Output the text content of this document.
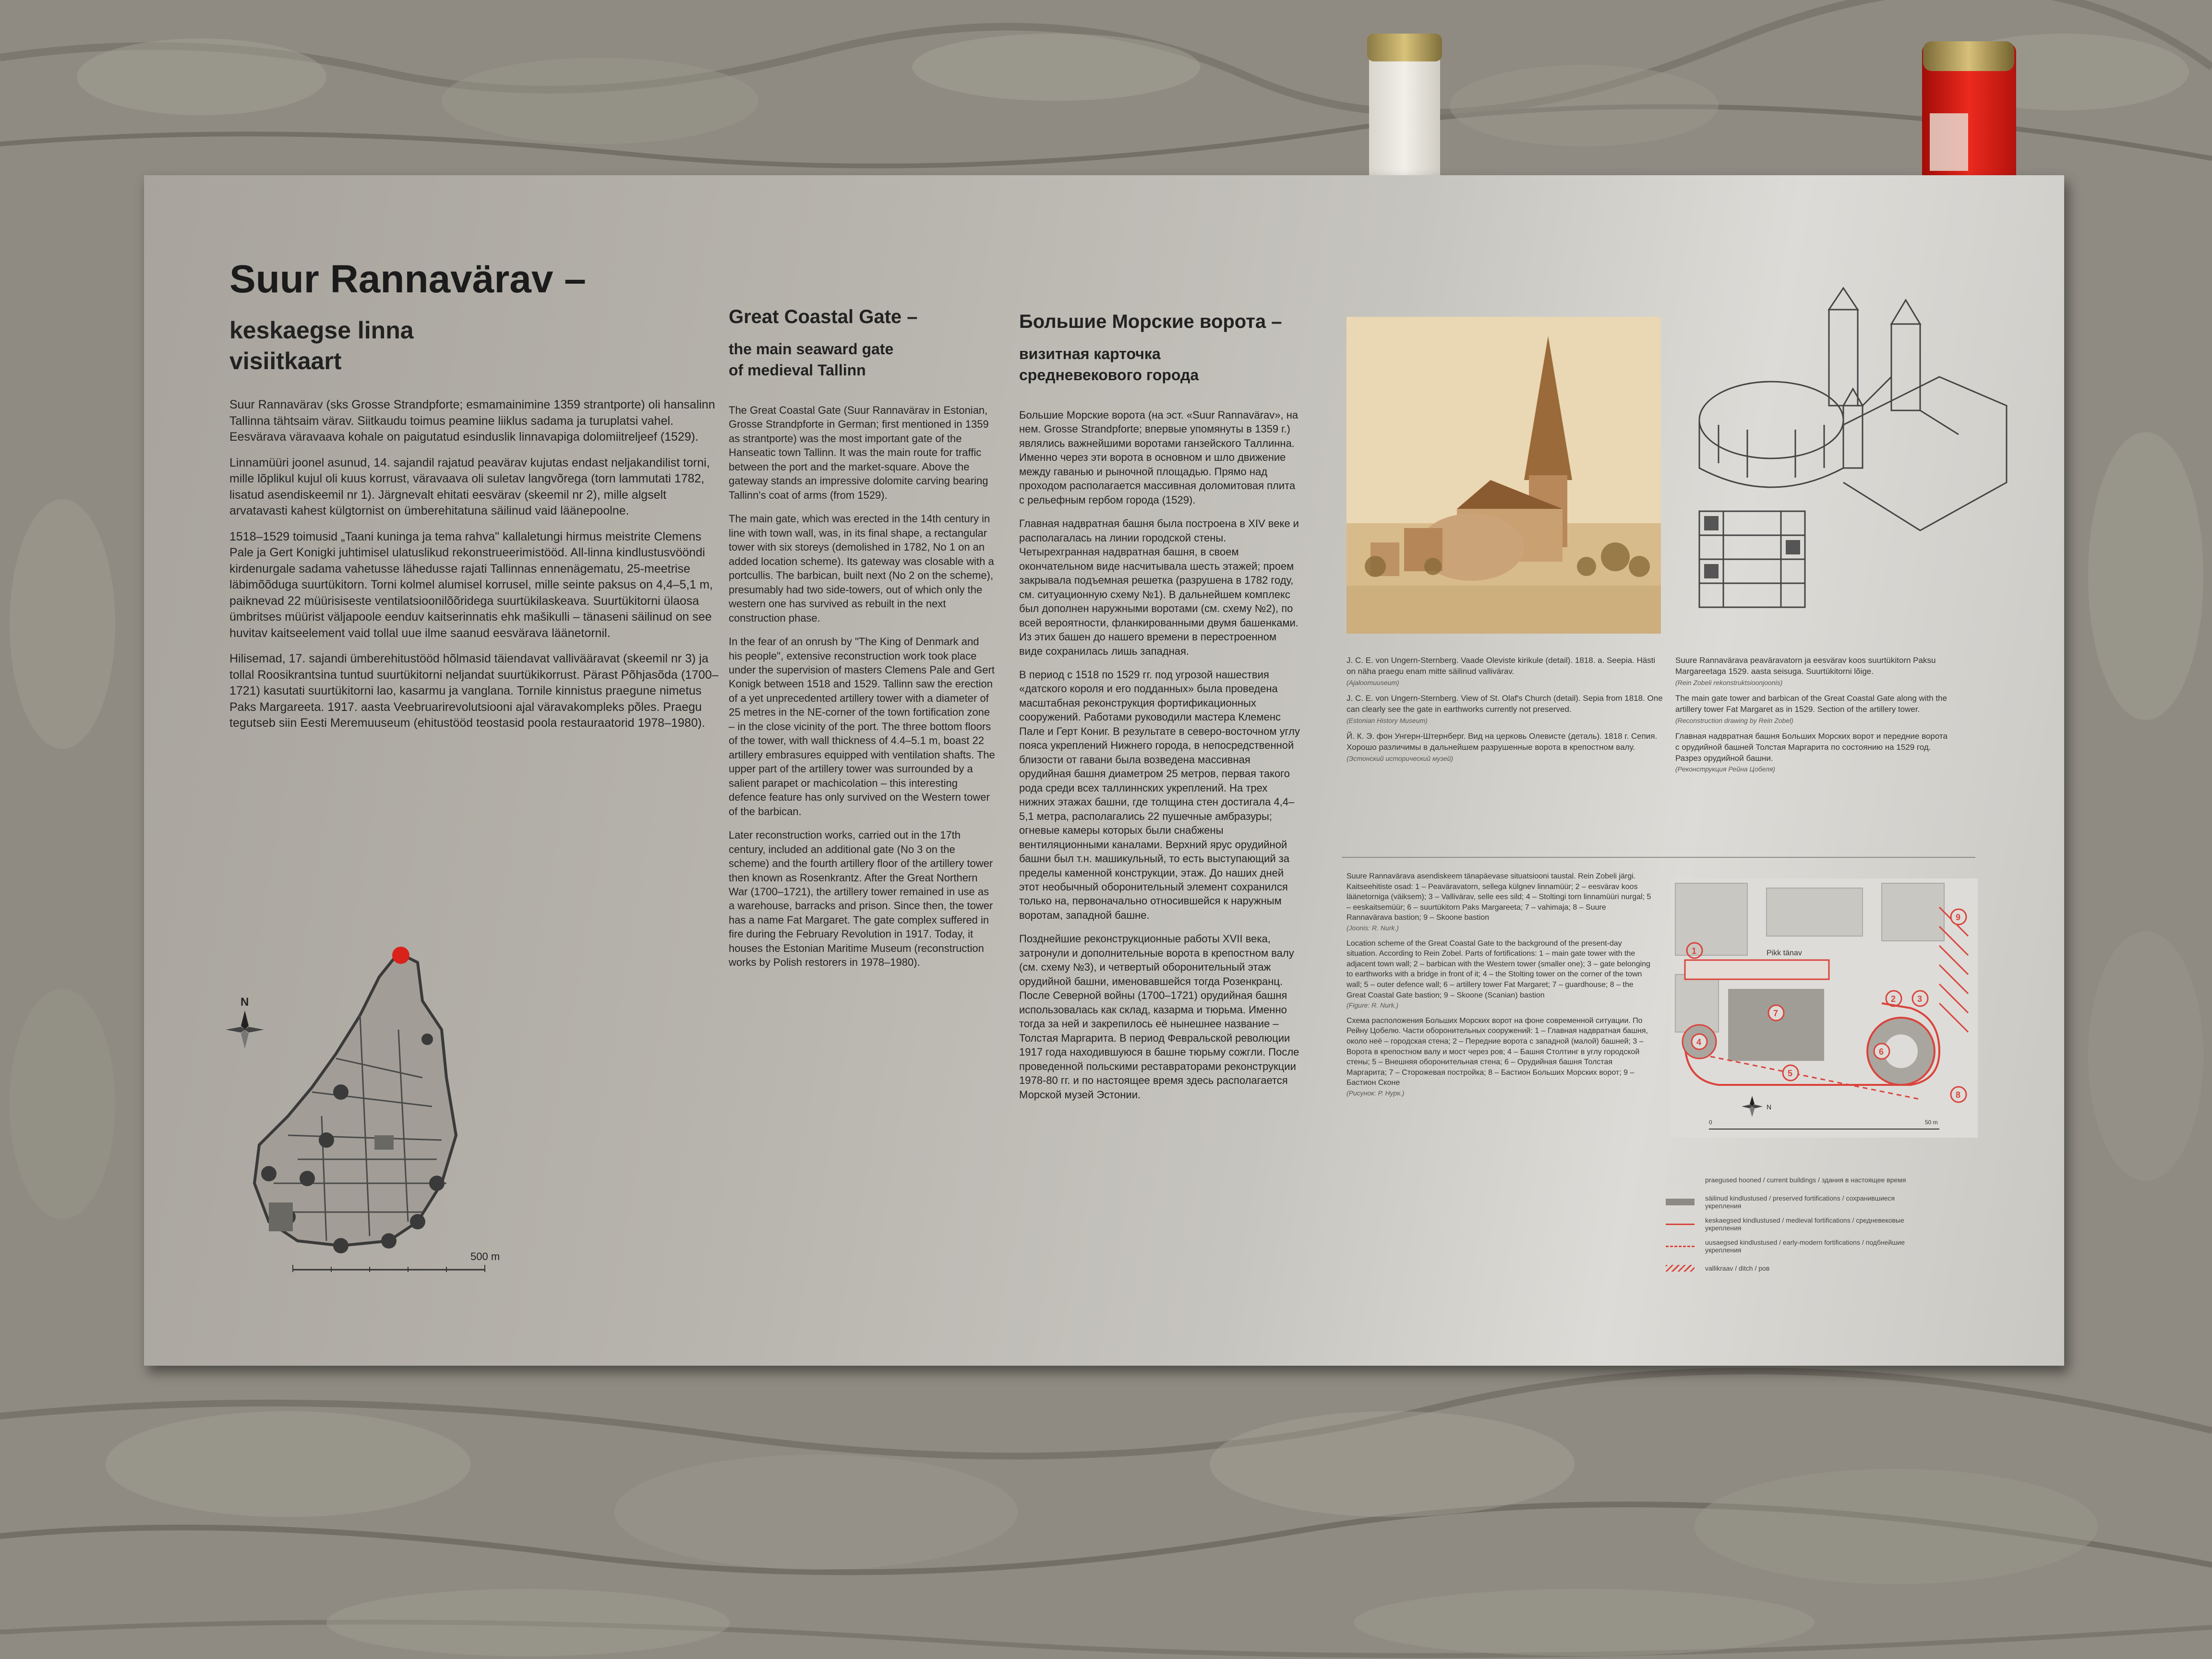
Suur Rannavärav –
keskaegse linna
visiitkaart

Suur Rannavärav (sks Grosse Strandpforte; esmamainimine 1359 strantporte) oli hansalinn Tallinna tähtsaim värav. Siitkaudu toimus peamine liiklus sadama ja turuplatsi vahel. Eesvärava väravaava kohale on paigutatud esinduslik linnavapiga dolomiitreljeef (1529).

Linnamüüri joonel asunud, 14. sajandil rajatud peavärav kujutas endast neljakandilist torni, mille lõplikul kujul oli kuus korrust, väravaava oli suletav langvõrega (torn lammutati 1782, lisatud asendiskeemil nr 1). Järgnevalt ehitati eesvärav (skeemil nr 2), mille algselt arvatavasti kahest külgtornist on ümberehitatuna säilinud vaid läänepoolne.

1518–1529 toimusid „Taani kuninga ja tema rahva" kallaletungi hirmus meistrite Clemens Pale ja Gert Konigki juhtimisel ulatuslikud rekonstrueerimistööd. All-linna kindlustusvööndi kirdenurgale sadama vahetusse lähedusse rajati Tallinnas ennenägematu, 25-meetrise läbimõõduga suurtükitorn. Torni kolmel alumisel korrusel, mille seinte paksus on 4,4–5,1 m, paiknevad 22 müürisiseste ventilatsioonilõõridega suurtükilaskeava. Suurtükitorni ülaosa ümbritses müürist väljapoole eenduv kaitserinnatis ehk mašikulli – tänaseni säilinud on see huvitav kaitseelement vaid tollal uue ilme saanud eesvärava läänetornil.

Hilisemad, 17. sajandi ümberehitustööd hõlmasid täiendavat vallivääravat (skeemil nr 3) ja tollal Roosikrantsina tuntud suurtükitorni neljandat suurtükikorrust. Pärast Põhjasõda (1700–1721) kasutati suurtükitorni lao, kasarmu ja vanglana. Tornile kinnistus praegune nimetus Paks Margareeta. 1917. aasta Veebruarirevolutsiooni ajal väravakompleks põles. Praegu tegutseb siin Eesti Meremuuseum (ehitustööd teostasid poola restauraatorid 1978–1980).

N
500 m
Great Coastal Gate –
the main seaward gate
of medieval Tallinn

The Great Coastal Gate (Suur Rannavärav in Estonian, Grosse Strandpforte in German; first mentioned in 1359 as strantporte) was the most important gate of the Hanseatic town Tallinn. It was the main route for traffic between the port and the market-square. Above the gateway stands an impressive dolomite carving bearing Tallinn's coat of arms (from 1529).

The main gate, which was erected in the 14th century in line with town wall, was, in its final shape, a rectangular tower with six storeys (demolished in 1782, No 1 on an added location scheme). Its gateway was closable with a portcullis. The barbican, built next (No 2 on the scheme), presumably had two side-towers, out of which only the western one has survived as rebuilt in the next construction phase.

In the fear of an onrush by "The King of Denmark and his people", extensive reconstruction work took place under the supervision of masters Clemens Pale and Gert Konigk between 1518 and 1529. Tallinn saw the erection of a yet unprecedented artillery tower with a diameter of 25 metres in the NE-corner of the town fortification zone – in the close vicinity of the port. The three bottom floors of the tower, with wall thickness of 4.4–5.1 m, boast 22 artillery embrasures equipped with ventilation shafts. The upper part of the artillery tower was surrounded by a salient parapet or machicolation – this interesting defence feature has only survived on the Western tower of the barbican.

Later reconstruction works, carried out in the 17th century, included an additional gate (No 3 on the scheme) and the fourth artillery floor of the artillery tower then known as Rosenkrantz. After the Great Northern War (1700–1721), the artillery tower remained in use as a warehouse, barracks and prison. Since then, the tower has a name Fat Margaret. The gate complex suffered in fire during the February Revolution in 1917. Today, it houses the Estonian Maritime Museum (reconstruction works by Polish restorers in 1978–1980).

Большие Морские ворота –
визитная карточка
средневекового города

Большие Морские ворота (на эст. «Suur Rannavärav», на нем. Grosse Strandpforte; впервые упомянуты в 1359 г.) являлись важнейшими воротами ганзейского Таллинна. Именно через эти ворота в основном и шло движение между гаванью и рыночной площадью. Прямо над проходом располагается массивная доломитовая плита с рельефным гербом города (1529).

Главная надвратная башня была построена в XIV веке и располагалась на линии городской стены. Четырехгранная надвратная башня, в своем окончательном виде насчитывала шесть этажей; проем закрывала подъемная решетка (разрушена в 1782 году, см. ситуационную схему №1). В дальнейшем комплекс был дополнен наружными воротами (см. схему №2), по всей вероятности, фланкированными двумя башенками. Из этих башен до нашего времени в перестроенном виде сохранилась лишь западная.

В период с 1518 по 1529 гг. под угрозой нашествия «датского короля и его подданных» была проведена масштабная реконструкция фортификационных сооружений. Работами руководили мастера Клеменс Пале и Герт Кониг. В результате в северо-восточном углу пояса укреплений Нижнего города, в непосредственной близости от гавани была возведена массивная орудийная башня диаметром 25 метров, первая такого рода среди всех таллиннских укреплений. На трех нижних этажах башни, где толщина стен достигала 4,4–5,1 метра, располагались 22 пушечные амбразуры; огневые камеры которых были снабжены вентиляционными каналами. Верхний ярус орудийной башни был т.н. машикульный, то есть выступающий за пределы каменной конструкции, этаж. До наших дней этот необычный оборонительный элемент сохранился только на, первоначально относившейся к наружным воротам, западной башне.

Позднейшие реконструкционные работы XVII века, затронули и дополнительные ворота в крепостном валу (см. схему №3), и четвертый оборонительный этаж орудийной башни, именовавшейся тогда Розенкранц. После Северной войны (1700–1721) орудийная башня использовалась как склад, казарма и тюрьма. Именно тогда за ней и закрепилось её нынешнее название – Толстая Маргарита. В период Февральской революции 1917 года находившуюся в башне тюрьму сожгли. После проведенной польскими реставраторами реконструкции 1978-80 гг. и по настоящее время здесь располагается Морской музей Эстонии.

J. C. E. von Ungern-Sternberg. Vaade Oleviste kirikule (detail). 1818. a. Seepia. Hästi on näha praegu enam mitte säilinud vallivärav.
(Ajaloomuuseum)

J. C. E. von Ungern-Sternberg. View of St. Olaf's Church (detail). Sepia from 1818. One can clearly see the gate in earthworks currently not preserved.
(Estonian History Museum)

Й. К. Э. фон Унгерн-Штернберг. Вид на церковь Олевисте (деталь). 1818 г. Сепия. Хорошо различимы в дальнейшем разрушенные ворота в крепостном валу.
(Эстонский исторический музей)

Suure Rannavärava peaväravatorn ja eesvärav koos suurtükitorn Paksu Margareetaga 1529. aasta seisuga. Suurtükitorni lõige.
(Rein Zobeli rekonstruktsioonjoonis)

The main gate tower and barbican of the Great Coastal Gate along with the artillery tower Fat Margaret as in 1529. Section of the artillery tower.
(Reconstruction drawing by Rein Zobel)

Главная надвратная башня Больших Морских ворот и передние ворота с орудийной башней Толстая Маргарита по состоянию на 1529 год. Разрез орудийной башни.
(Реконструкция Рейна Цобеля)

Suure Rannavärava asendiskeem tänapäevase situatsiooni taustal. Rein Zobeli järgi. Kaitseehitiste osad: 1 – Peaväravatorn, sellega külgnev linnamüür; 2 – eesvärav koos läänetorniga (väiksem); 3 – Vallivärav, selle ees sild; 4 – Stoltingi torn linnamüüri nurgal; 5 – eeskaitsemüür; 6 – suurtükitorn Paks Margareeta; 7 – vahimaja; 8 – Suure Rannavärava bastion; 9 – Skoone bastion
(Joonis: R. Nurk.)

Location scheme of the Great Coastal Gate to the background of the present-day situation. According to Rein Zobel. Parts of fortifications: 1 – main gate tower with the adjacent town wall; 2 – barbican with the Western tower (smaller one); 3 – gate belonging to earthworks with a bridge in front of it; 4 – the Stolting tower on the corner of the town wall; 5 – outer defence wall; 6 – artillery tower Fat Margaret; 7 – guardhouse; 8 – the Great Coastal Gate bastion; 9 – Skoone (Scanian) bastion
(Figure: R. Nurk.)

Схема расположения Больших Морских ворот на фоне современной ситуации. По Рейну Цобелю. Части оборонительных сооружений: 1 – Главная надвратная башня, около неё – городская стена; 2 – Передние ворота с западной (малой) башней; 3 – Ворота в крепостном валу и мост через ров; 4 – Башня Столтинг в углу городской стены; 5 – Внешняя оборонительная стена; 6 – Орудийная башня Толстая Маргарита; 7 – Сторожевая постройка; 8 – Бастион Больших Морских ворот; 9 – Бастион Сконе
(Рисунок: Р. Нурк.)

Pikk tänav
1
2 3
4
5
6
7
8
9
N
0	50 m
praegused hooned / current buildings / здания в настоящее время
säilinud kindlustused / preserved fortifications / сохранившиеся укрепления
keskaegsed kindlustused / medieval fortifications / средневековые укрепления
uusaegsed kindlustused / early-modern fortifications / подбнейшие укрепления
vallikraav / ditch / ров
